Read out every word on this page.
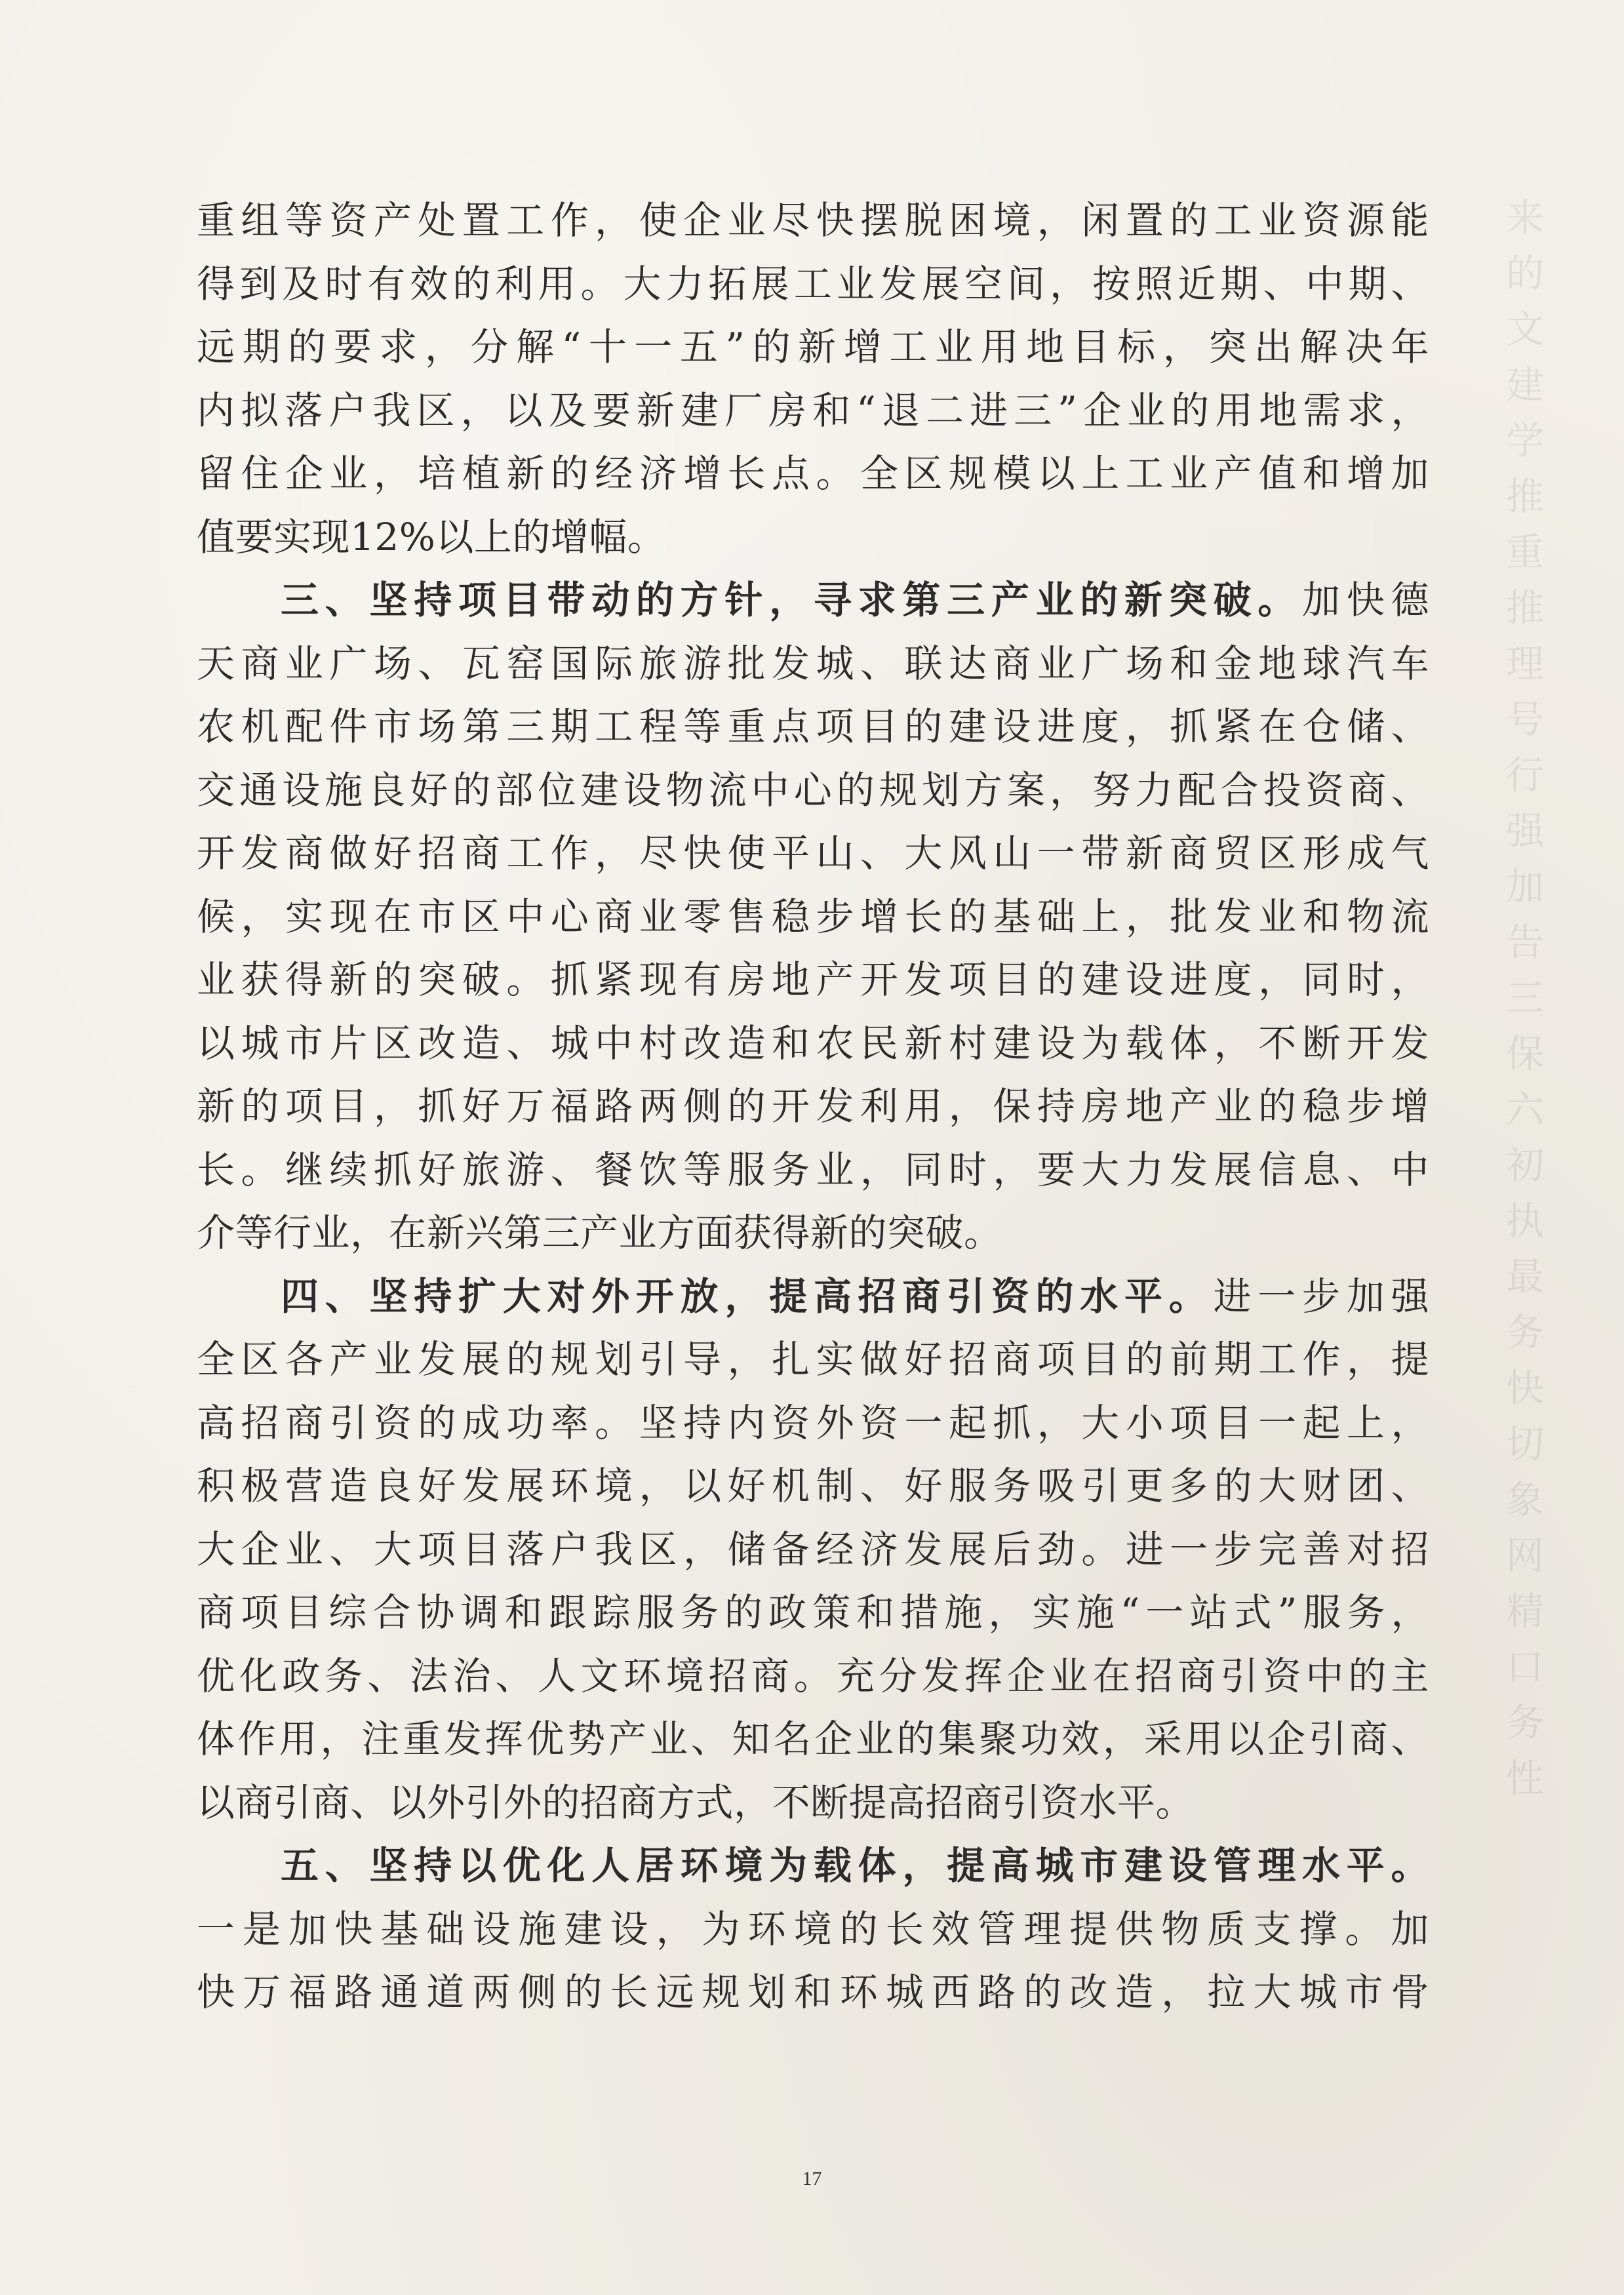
来
的
文
建
学
推
重
推
理
号
行
强
加
告
三
保
六
初
执
最
务
快
切
象
网
精
口
务
性
重组等资产处置工作，使企业尽快摆脱困境，闲置的工业资源能
得到及时有效的利用。大力拓展工业发展空间，按照近期、中期、
远期的要求，分解“十一五”的新增工业用地目标，突出解决年
内拟落户我区，以及要新建厂房和“退二进三”企业的用地需求，
留住企业，培植新的经济增长点。全区规模以上工业产值和增加
值要实现12%以上的增幅。
三、坚持项目带动的方针，寻求第三产业的新突破。加快德
天商业广场、瓦窑国际旅游批发城、联达商业广场和金地球汽车
农机配件市场第三期工程等重点项目的建设进度，抓紧在仓储、
交通设施良好的部位建设物流中心的规划方案，努力配合投资商、
开发商做好招商工作，尽快使平山、大风山一带新商贸区形成气
候，实现在市区中心商业零售稳步增长的基础上，批发业和物流
业获得新的突破。抓紧现有房地产开发项目的建设进度，同时，
以城市片区改造、城中村改造和农民新村建设为载体，不断开发
新的项目，抓好万福路两侧的开发利用，保持房地产业的稳步增
长。继续抓好旅游、餐饮等服务业，同时，要大力发展信息、中
介等行业，在新兴第三产业方面获得新的突破。
四、坚持扩大对外开放，提高招商引资的水平。进一步加强
全区各产业发展的规划引导，扎实做好招商项目的前期工作，提
高招商引资的成功率。坚持内资外资一起抓，大小项目一起上，
积极营造良好发展环境，以好机制、好服务吸引更多的大财团、
大企业、大项目落户我区，储备经济发展后劲。进一步完善对招
商项目综合协调和跟踪服务的政策和措施，实施“一站式”服务，
优化政务、法治、人文环境招商。充分发挥企业在招商引资中的主
体作用，注重发挥优势产业、知名企业的集聚功效，采用以企引商、
以商引商、以外引外的招商方式，不断提高招商引资水平。
五、坚持以优化人居环境为载体，提高城市建设管理水平。
一是加快基础设施建设，为环境的长效管理提供物质支撑。加
快万福路通道两侧的长远规划和环城西路的改造，拉大城市骨
17
